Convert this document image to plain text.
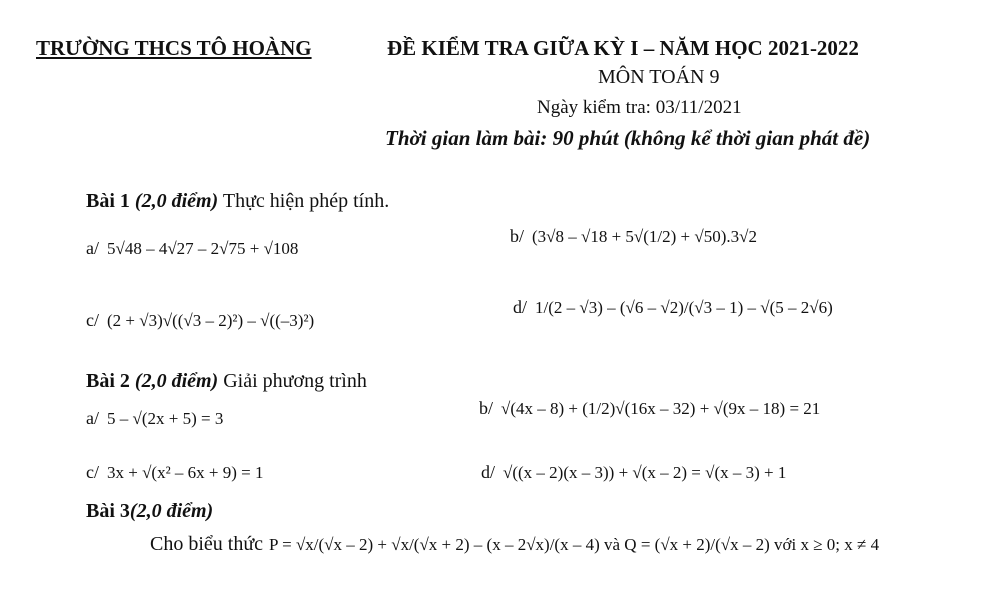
TRƯỜNG THCS TÔ HOÀNG	ĐỀ KIỂM TRA GIỮA KỲ I – NĂM HỌC 2021-2022
MÔN TOÁN 9
Ngày kiểm tra: 03/11/2021
Thời gian làm bài: 90 phút (không kể thời gian phát đề)
Bài 1 (2,0 điểm) Thực hiện phép tính.
a/ 5√48 – 4√27 – 2√75 + √108
b/ (3√8 – √18 + 5√(1/2) + √50).3√2
c/ (2 + √3)√((√3 – 2)²) – √((–3)²)
d/ 1/(2 – √3) – (√6 – √2)/(√3 – 1) – √(5 – 2√6)
Bài 2 (2,0 điểm) Giải phương trình
a/ 5 – √(2x + 5) = 3	b/ √(4x – 8) + (1/2)√(16x – 32) + √(9x – 18) = 21
c/ 3x + √(x² – 6x + 9) = 1	d/ √((x – 2)(x – 3)) + √(x – 2) = √(x – 3) + 1
Bài 3(2,0 điểm)
Cho biểu thức P = √x/(√x – 2) + √x/(√x + 2) – (x – 2√x)/(x – 4) và Q = (√x + 2)/(√x – 2) với x ≥ 0; x ≠ 4
